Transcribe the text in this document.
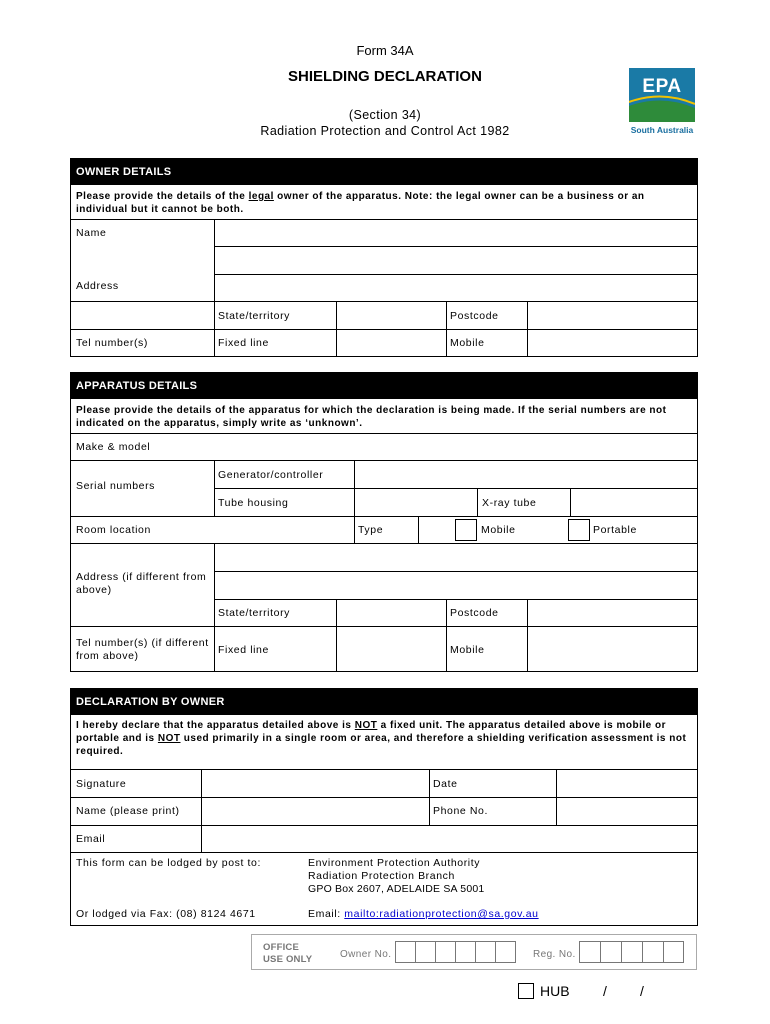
Form 34A
SHIELDING DECLARATION
(Section 34)
Radiation Protection and Control Act 1982
EPA
South Australia
OWNER DETAILS
Please provide the details of the legal owner of the apparatus. Note: the legal owner can be a business or an individual but it cannot be both.
Name
Address
State/territory	Postcode
Tel number(s)	Fixed line	Mobile
APPARATUS DETAILS
Please provide the details of the apparatus for which the declaration is being made. If the serial numbers are not indicated on the apparatus, simply write as ‘unknown’.
Make & model
Serial numbers
Generator/controller
Tube housing	X-ray tube
Room location	Type	Mobile	Portable
Address (if different from above)
State/territory	Postcode
Tel number(s) (if different from above)	Fixed line	Mobile
DECLARATION BY OWNER
I hereby declare that the apparatus detailed above is NOT a fixed unit. The apparatus detailed above is mobile or portable and is NOT used primarily in a single room or area, and therefore a shielding verification assessment is not required.
Signature	Date
Name (please print)	Phone No.
Email
This form can be lodged by post to:	Environment Protection Authority
Radiation Protection Branch
GPO Box 2607, ADELAIDE SA 5001
Or lodged via Fax: (08) 8124 4671	Email: mailto:radiationprotection@sa.gov.au
OFFICE
USE ONLY	Owner No.	Reg. No.
HUB / /
